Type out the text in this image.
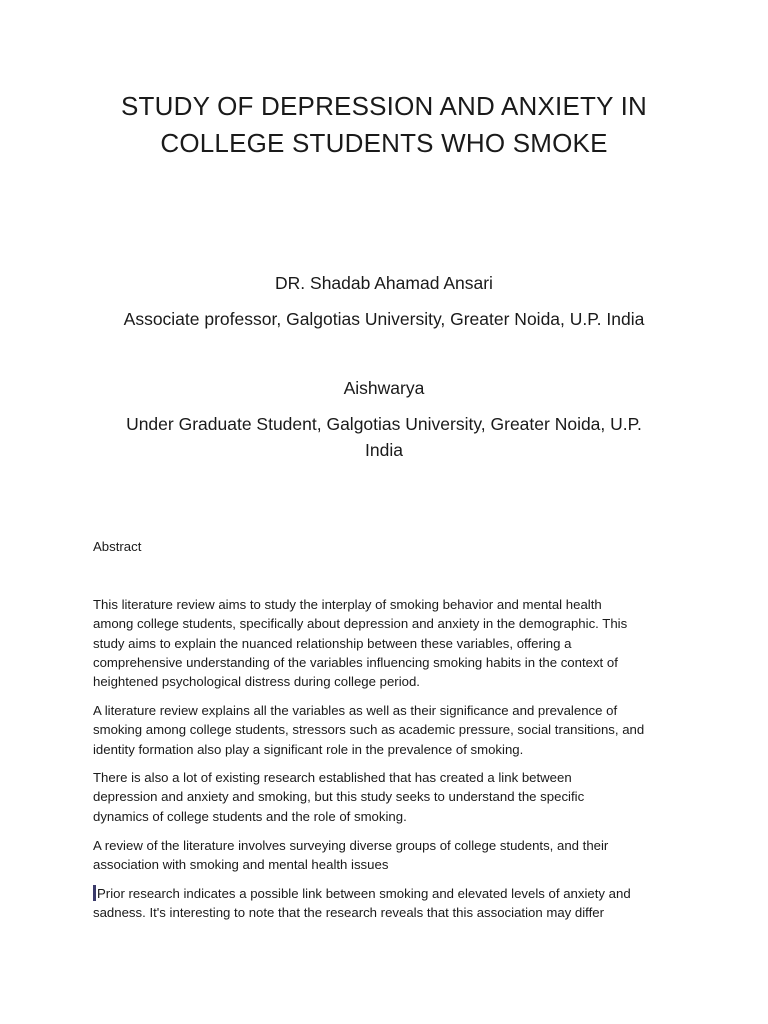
STUDY OF DEPRESSION AND ANXIETY IN
COLLEGE STUDENTS WHO SMOKE
DR. Shadab Ahamad Ansari
Associate professor, Galgotias University, Greater Noida, U.P. India
Aishwarya
Under Graduate Student, Galgotias University, Greater Noida, U.P.
India
Abstract
This literature review aims to study the interplay of smoking behavior and mental health
among college students, specifically about depression and anxiety in the demographic. This
study aims to explain the nuanced relationship between these variables, offering a
comprehensive understanding of the variables influencing smoking habits in the context of
heightened psychological distress during college period.
A literature review explains all the variables as well as their significance and prevalence of
smoking among college students, stressors such as academic pressure, social transitions, and
identity formation also play a significant role in the prevalence of smoking.
There is also a lot of existing research established that has created a link between
depression and anxiety and smoking, but this study seeks to understand the specific
dynamics of college students and the role of smoking.
A review of the literature involves surveying diverse groups of college students, and their
association with smoking and mental health issues
Prior research indicates a possible link between smoking and elevated levels of anxiety and
sadness. It's interesting to note that the research reveals that this association may differ
